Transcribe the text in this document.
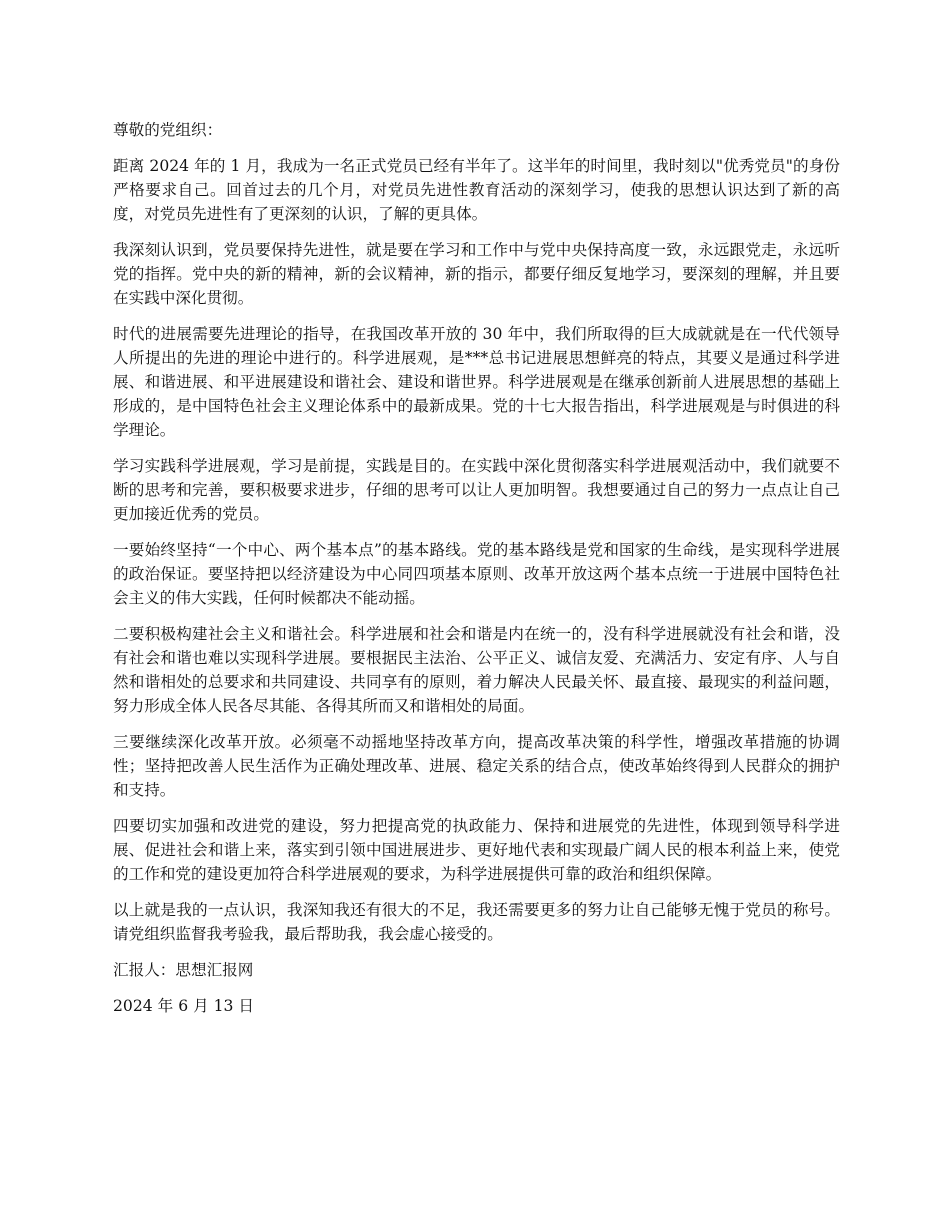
尊敬的党组织：

距离 2024 年的 1 月，我成为一名正式党员已经有半年了。这半年的时间里，我时刻以"优秀党员"的身份严格要求自己。回首过去的几个月，对党员先进性教育活动的深刻学习，使我的思想认识达到了新的高度，对党员先进性有了更深刻的认识，了解的更具体。

我深刻认识到，党员要保持先进性，就是要在学习和工作中与党中央保持高度一致，永远跟党走，永远听党的指挥。党中央的新的精神，新的会议精神，新的指示，都要仔细反复地学习，要深刻的理解，并且要在实践中深化贯彻。

时代的进展需要先进理论的指导，在我国改革开放的 30 年中，我们所取得的巨大成就就是在一代代领导人所提出的先进的理论中进行的。科学进展观，是***总书记进展思想鲜亮的特点，其要义是通过科学进展、和谐进展、和平进展建设和谐社会、建设和谐世界。科学进展观是在继承创新前人进展思想的基础上形成的，是中国特色社会主义理论体系中的最新成果。党的十七大报告指出，科学进展观是与时俱进的科学理论。

学习实践科学进展观，学习是前提，实践是目的。在实践中深化贯彻落实科学进展观活动中，我们就要不断的思考和完善，要积极要求进步，仔细的思考可以让人更加明智。我想要通过自己的努力一点点让自己更加接近优秀的党员。

一要始终坚持“一个中心、两个基本点”的基本路线。党的基本路线是党和国家的生命线，是实现科学进展的政治保证。要坚持把以经济建设为中心同四项基本原则、改革开放这两个基本点统一于进展中国特色社会主义的伟大实践，任何时候都决不能动摇。

二要积极构建社会主义和谐社会。科学进展和社会和谐是内在统一的，没有科学进展就没有社会和谐，没有社会和谐也难以实现科学进展。要根据民主法治、公平正义、诚信友爱、充满活力、安定有序、人与自然和谐相处的总要求和共同建设、共同享有的原则，着力解决人民最关怀、最直接、最现实的利益问题，努力形成全体人民各尽其能、各得其所而又和谐相处的局面。

三要继续深化改革开放。必须毫不动摇地坚持改革方向，提高改革决策的科学性，增强改革措施的协调性；坚持把改善人民生活作为正确处理改革、进展、稳定关系的结合点，使改革始终得到人民群众的拥护和支持。

四要切实加强和改进党的建设，努力把提高党的执政能力、保持和进展党的先进性，体现到领导科学进展、促进社会和谐上来，落实到引领中国进展进步、更好地代表和实现最广阔人民的根本利益上来，使党的工作和党的建设更加符合科学进展观的要求，为科学进展提供可靠的政治和组织保障。

以上就是我的一点认识，我深知我还有很大的不足，我还需要更多的努力让自己能够无愧于党员的称号。请党组织监督我考验我，最后帮助我，我会虚心接受的。

汇报人：思想汇报网

2024 年 6 月 13 日
